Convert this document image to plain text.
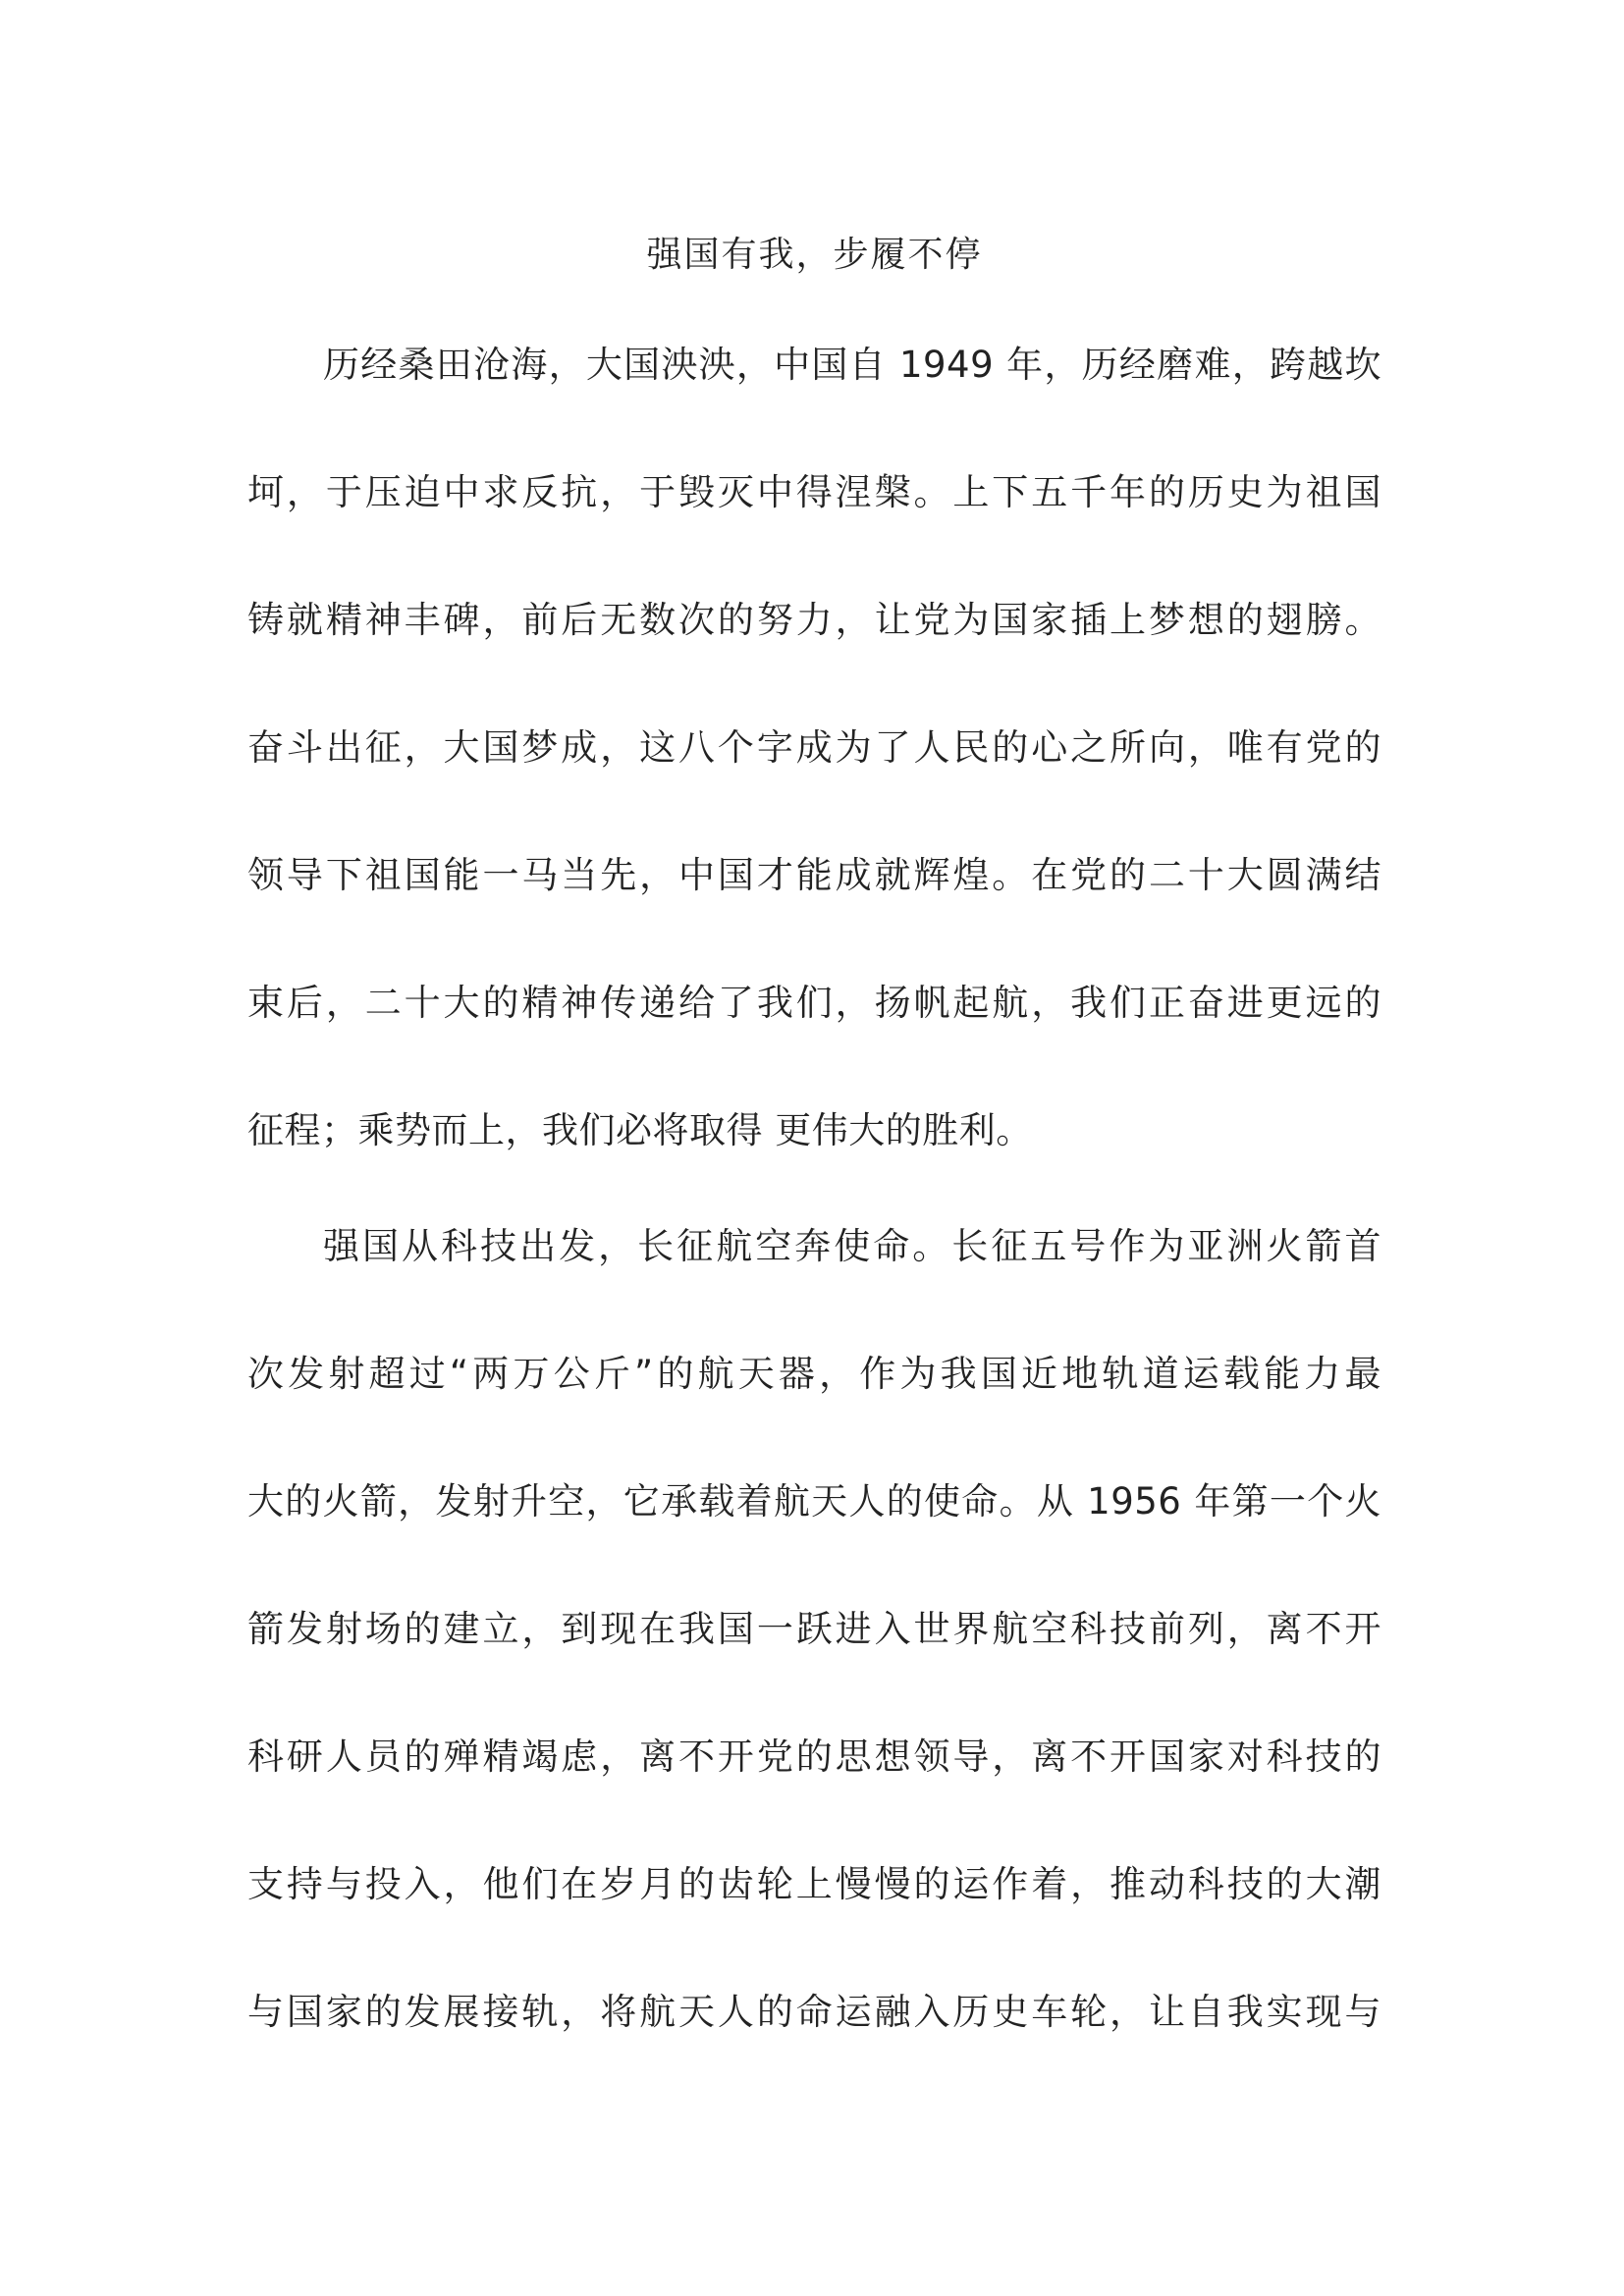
强国有我，步履不停
历经桑田沧海，大国泱泱，中国自 1949 年，历经磨难，跨越坎
坷，于压迫中求反抗，于毁灭中得涅槃。上下五千年的历史为祖国
铸就精神丰碑，前后无数次的努力，让党为国家插上梦想的翅膀。
奋斗出征，大国梦成，这八个字成为了人民的心之所向，唯有党的
领导下祖国能一马当先，中国才能成就辉煌。在党的二十大圆满结
束后，二十大的精神传递给了我们，扬帆起航，我们正奋进更远的
征程；乘势而上，我们必将取得 更伟大的胜利。
强国从科技出发，长征航空奔使命。长征五号作为亚洲火箭首
次发射超过“两万公斤”的航天器，作为我国近地轨道运载能力最
大的火箭，发射升空，它承载着航天人的使命。从 1956 年第一个火
箭发射场的建立，到现在我国一跃进入世界航空科技前列，离不开
科研人员的殚精竭虑，离不开党的思想领导，离不开国家对科技的
支持与投入，他们在岁月的齿轮上慢慢的运作着，推动科技的大潮
与国家的发展接轨，将航天人的命运融入历史车轮，让自我实现与
